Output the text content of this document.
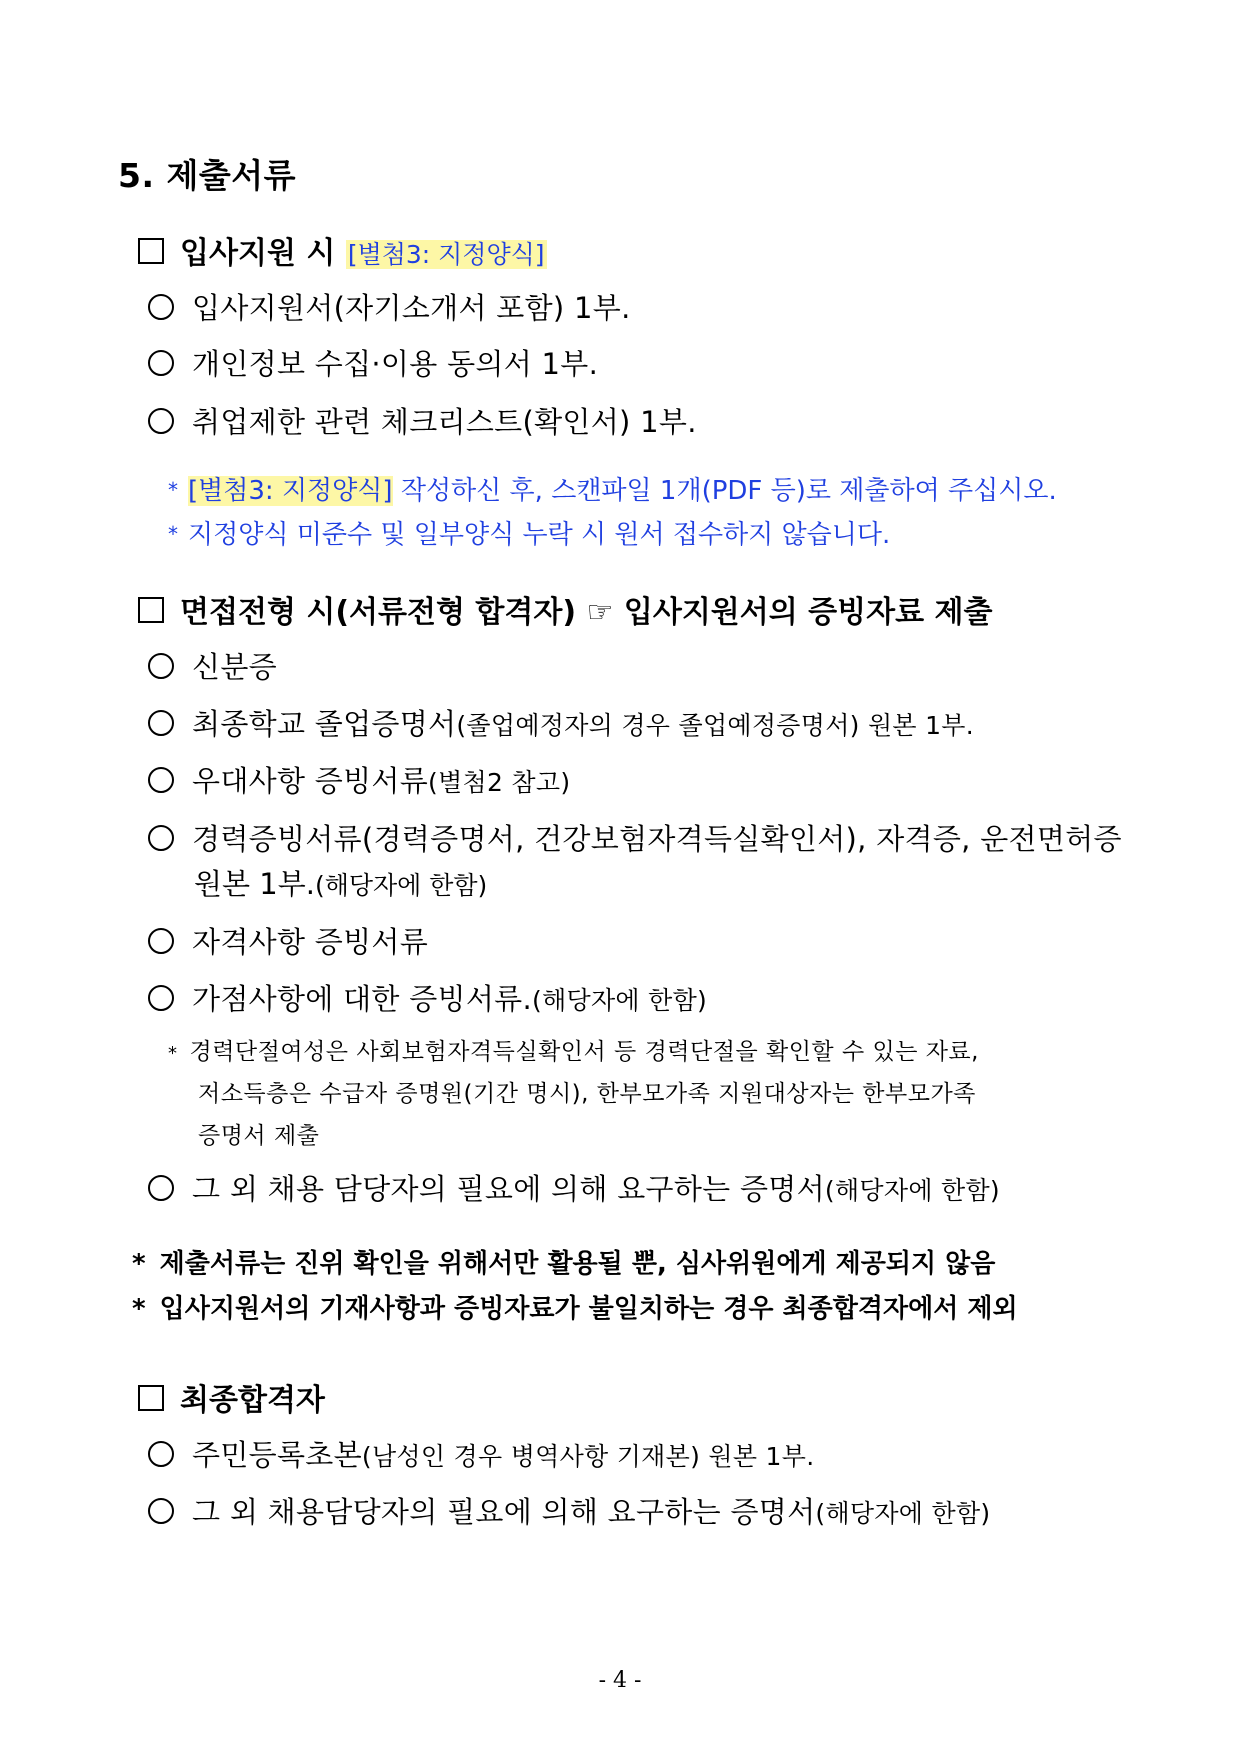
5. 제출서류
입사지원 시 [별첨3: 지정양식]
입사지원서(자기소개서 포함) 1부.
개인정보 수집·이용 동의서 1부.
취업제한 관련 체크리스트(확인서) 1부.
* [별첨3: 지정양식] 작성하신 후, 스캔파일 1개(PDF 등)로 제출하여 주십시오.
* 지정양식 미준수 및 일부양식 누락 시 원서 접수하지 않습니다.
면접전형 시(서류전형 합격자) ☞ 입사지원서의 증빙자료 제출
신분증
최종학교 졸업증명서(졸업예정자의 경우 졸업예정증명서) 원본 1부.
우대사항 증빙서류(별첨2 참고)
경력증빙서류(경력증명서, 건강보험자격득실확인서), 자격증, 운전면허증
원본 1부.(해당자에 한함)
자격사항 증빙서류
가점사항에 대한 증빙서류.(해당자에 한함)
* 경력단절여성은 사회보험자격득실확인서 등 경력단절을 확인할 수 있는 자료,
저소득층은 수급자 증명원(기간 명시), 한부모가족 지원대상자는 한부모가족
증명서 제출
그 외 채용 담당자의 필요에 의해 요구하는 증명서(해당자에 한함)
* 제출서류는 진위 확인을 위해서만 활용될 뿐, 심사위원에게 제공되지 않음
* 입사지원서의 기재사항과 증빙자료가 불일치하는 경우 최종합격자에서 제외
최종합격자
주민등록초본(남성인 경우 병역사항 기재본) 원본 1부.
그 외 채용담당자의 필요에 의해 요구하는 증명서(해당자에 한함)
- 4 -
